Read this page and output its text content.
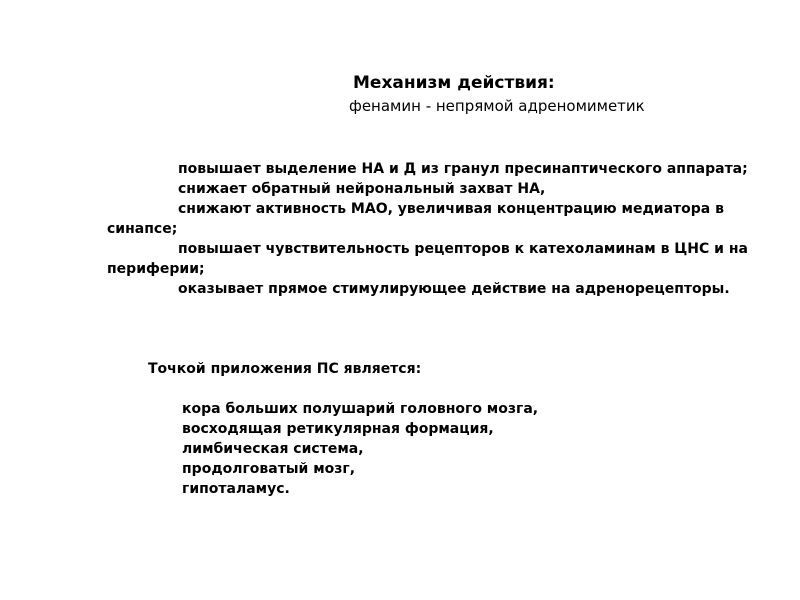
Механизм действия:
фенамин - непрямой адреномиметик
повышает выделение НА и Д из гранул пресинаптического аппарата;
снижает обратный нейрональный захват НА,
снижают активность МАО, увеличивая концентрацию медиатора в синапсе;
повышает чувствительность рецепторов к катехоламинам в ЦНС и на периферии;
оказывает прямое стимулирующее действие на адренорецепторы.

Точкой приложения ПС является:

кора больших полушарий головного мозга,
восходящая ретикулярная формация,
лимбическая система,
продолговатый мозг,
гипоталамус.
